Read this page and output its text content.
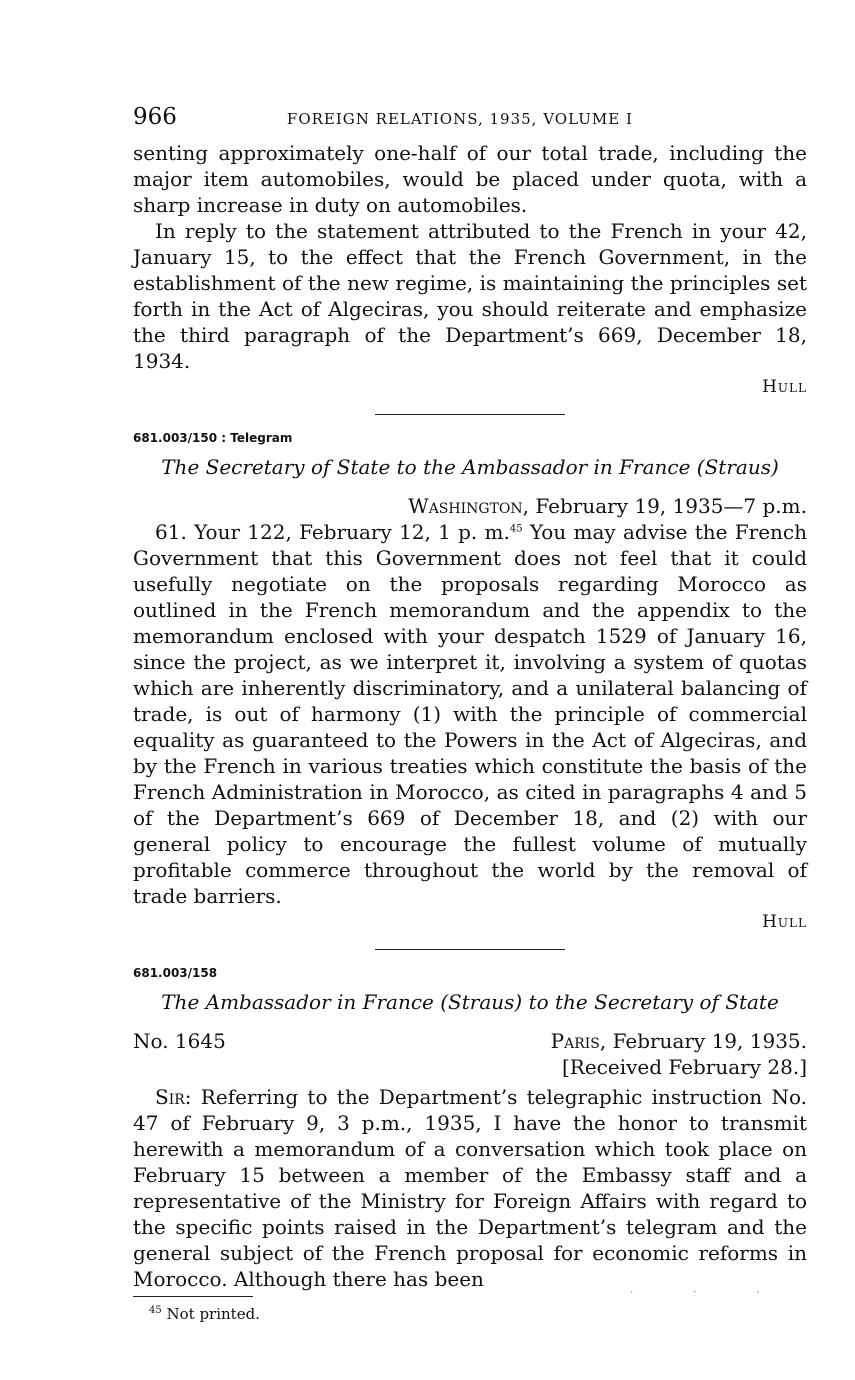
966	FOREIGN RELATIONS, 1935, VOLUME I

senting approximately one-half of our total trade, including the major item automobiles, would be placed under quota, with a sharp increase in duty on automobiles.

In reply to the statement attributed to the French in your 42, January 15, to the effect that the French Government, in the establishment of the new regime, is maintaining the principles set forth in the Act of Algeciras, you should reiterate and emphasize the third paragraph of the Department’s 669, December 18, 1934.

Hull
681.003/150 : Telegram
The Secretary of State to the Ambassador in France (Straus)
Washington, February 19, 1935—7 p.m.

61. Your 122, February 12, 1 p. m.$^{45}$ You may advise the French Government that this Government does not feel that it could usefully negotiate on the proposals regarding Morocco as outlined in the French memorandum and the appendix to the memorandum enclosed with your despatch 1529 of January 16, since the project, as we interpret it, involving a system of quotas which are inherently discriminatory, and a unilateral balancing of trade, is out of harmony (1) with the principle of commercial equality as guaranteed to the Powers in the Act of Algeciras, and by the French in various treaties which constitute the basis of the French Administration in Morocco, as cited in paragraphs 4 and 5 of the Department’s 669 of December 18, and (2) with our general policy to encourage the fullest volume of mutually profitable commerce throughout the world by the removal of trade barriers.

Hull
681.003/158
The Ambassador in France (Straus) to the Secretary of State
No. 1645	Paris, February 19, 1935.
[Received February 28.]

Sir: Referring to the Department’s telegraphic instruction No. 47 of February 9, 3 p.m., 1935, I have the honor to transmit herewith a memorandum of a conversation which took place on February 15 between a member of the Embassy staff and a representative of the Ministry for Foreign Affairs with regard to the specific points raised in the Department’s telegram and the general subject of the French proposal for economic reforms in Morocco. Although there has been

$^{45}$ Not printed.
’’’
